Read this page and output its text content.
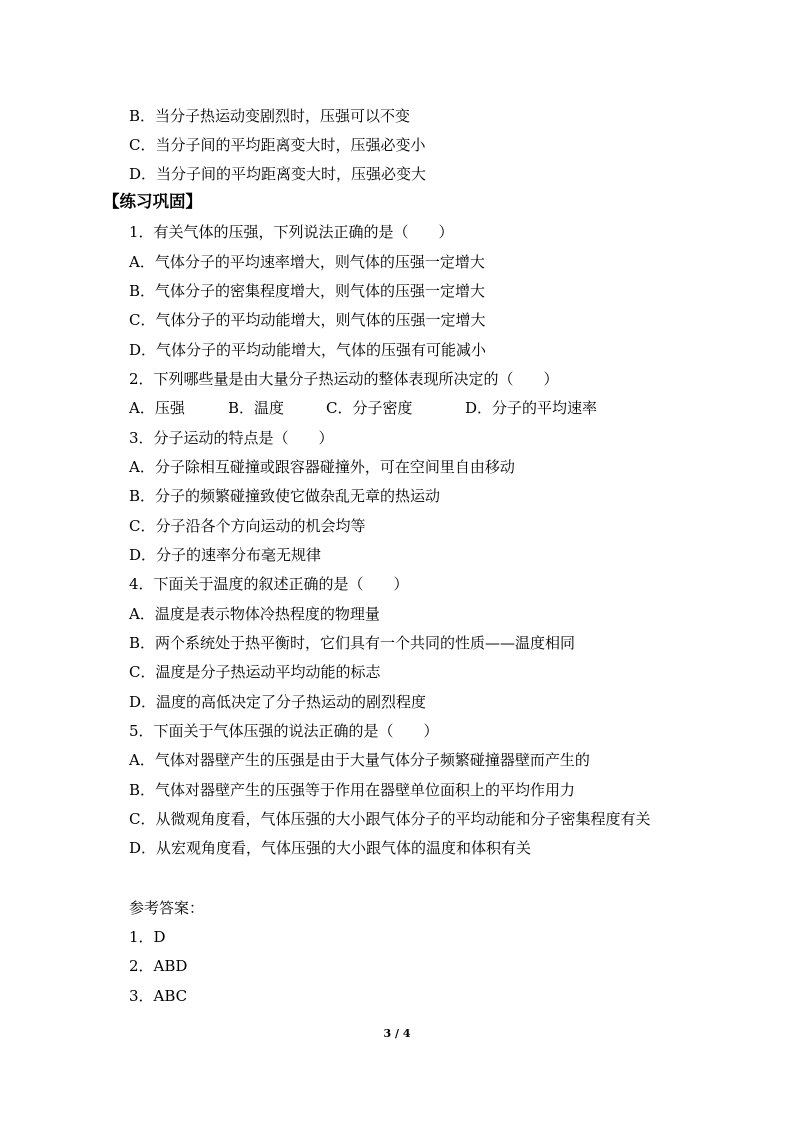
B．当分子热运动变剧烈时，压强可以不变
C．当分子间的平均距离变大时，压强必变小
D．当分子间的平均距离变大时，压强必变大
【练习巩固】
1．有关气体的压强，下列说法正确的是（　　）
A．气体分子的平均速率增大，则气体的压强一定增大
B．气体分子的密集程度增大，则气体的压强一定增大
C．气体分子的平均动能增大，则气体的压强一定增大
D．气体分子的平均动能增大，气体的压强有可能减小
2．下列哪些量是由大量分子热运动的整体表现所决定的（　　）
A．压强	B．温度	C．分子密度	D．分子的平均速率
3．分子运动的特点是（　　）
A．分子除相互碰撞或跟容器碰撞外，可在空间里自由移动
B．分子的频繁碰撞致使它做杂乱无章的热运动
C．分子沿各个方向运动的机会均等
D．分子的速率分布毫无规律
4．下面关于温度的叙述正确的是（　　）
A．温度是表示物体冷热程度的物理量
B．两个系统处于热平衡时，它们具有一个共同的性质——温度相同
C．温度是分子热运动平均动能的标志
D．温度的高低决定了分子热运动的剧烈程度
5．下面关于气体压强的说法正确的是（　　）
A．气体对器壁产生的压强是由于大量气体分子频繁碰撞器壁而产生的
B．气体对器壁产生的压强等于作用在器壁单位面积上的平均作用力
C．从微观角度看，气体压强的大小跟气体分子的平均动能和分子密集程度有关
D．从宏观角度看，气体压强的大小跟气体的温度和体积有关
参考答案：
1．D
2．ABD
3．ABC
3 / 4
